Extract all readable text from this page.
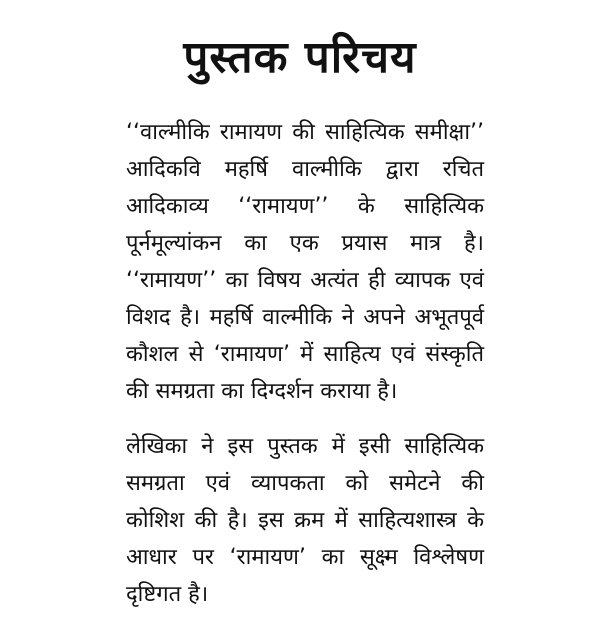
पुस्तक परिचय
‘‘वाल्मीकि रामायण की साहित्यिक समीक्षा’’
आदिकवि महर्षि वाल्मीकि द्वारा रचित
आदिकाव्य ‘‘रामायण’’ के साहित्यिक
पूर्नमूल्यांकन का एक प्रयास मात्र है।
‘‘रामायण’’ का विषय अत्यंत ही व्यापक एवं
विशद है। महर्षि वाल्मीकि ने अपने अभूतपूर्व
कौशल से ‘रामायण’ में साहित्य एवं संस्कृति
की समग्रता का दिग्दर्शन कराया है।
लेखिका ने इस पुस्तक में इसी साहित्यिक
समग्रता एवं व्यापकता को समेटने की
कोशिश की है। इस क्रम में साहित्यशास्त्र के
आधार पर ‘रामायण’ का सूक्ष्म विश्लेषण
दृष्टिगत है।
